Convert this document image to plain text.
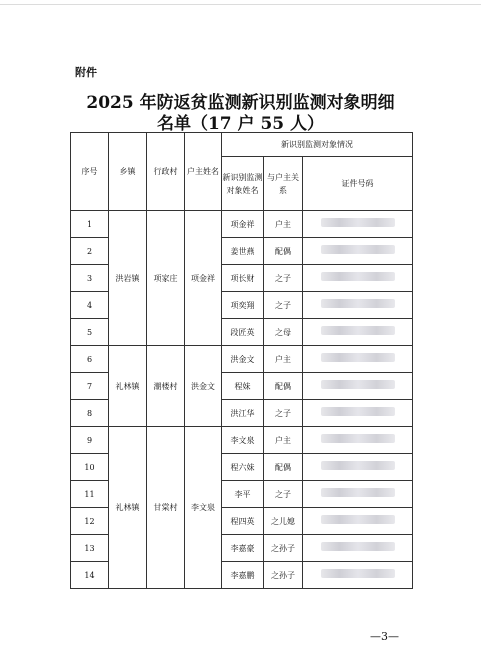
附件
2025 年防返贫监测新识别监测对象明细
名单（17 户 55 人）
序号	乡镇	行政村	户主姓名	新识别监测对象情况		
				新识别监测对象姓名	与户主关系	证件号码
1	洪岩镇	项家庄	项金祥	项金祥	户主	
2				姜世燕	配偶	
3				项长财	之子	
4				项奕翔	之子	
5				段匠英	之母	
6	礼林镇	潮楼村	洪金文	洪金文	户主	
7				程妹	配偶	
8				洪江华	之子	
9	礼林镇	甘棠村	李文泉	李文泉	户主	
10				程六妹	配偶	
11				李平	之子	
12				程四英	之儿媳	
13				李嘉豪	之孙子	
14				李嘉鹏	之孙子	
—3—
